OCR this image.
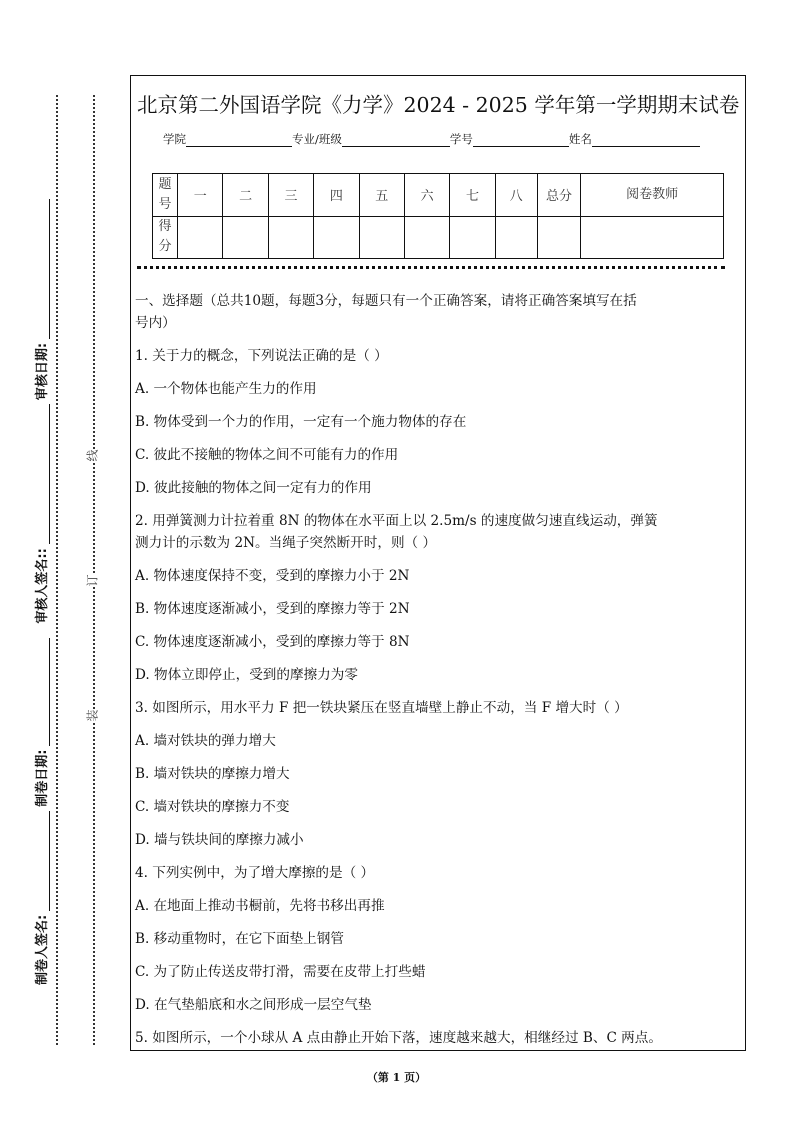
装
订
线
制卷人签名:
制卷日期:
审核人签名::
审核日期:
北京第二外国语学院《力学》2024 - 2025 学年第一学期期末试卷
学院	专业/班级	学号	姓名
题号	一	二	三	四	五	六	七	八	总分	阅卷教师
得分										

一、选择题（总共10题，每题3分，每题只有一个正确答案，请将正确答案填写在括
号内）

1. 关于力的概念，下列说法正确的是（ ）

A. 一个物体也能产生力的作用

B. 物体受到一个力的作用，一定有一个施力物体的存在

C. 彼此不接触的物体之间不可能有力的作用

D. 彼此接触的物体之间一定有力的作用

2. 用弹簧测力计拉着重 8N 的物体在水平面上以 2.5m/s 的速度做匀速直线运动，弹簧
测力计的示数为 2N。当绳子突然断开时，则（ ）

A. 物体速度保持不变，受到的摩擦力小于 2N

B. 物体速度逐渐减小，受到的摩擦力等于 2N

C. 物体速度逐渐减小，受到的摩擦力等于 8N

D. 物体立即停止，受到的摩擦力为零

3. 如图所示，用水平力 F 把一铁块紧压在竖直墙壁上静止不动，当 F 增大时（ ）

A. 墙对铁块的弹力增大

B. 墙对铁块的摩擦力增大

C. 墙对铁块的摩擦力不变

D. 墙与铁块间的摩擦力减小

4. 下列实例中，为了增大摩擦的是（ ）

A. 在地面上推动书橱前，先将书移出再推

B. 移动重物时，在它下面垫上钢管

C. 为了防止传送皮带打滑，需要在皮带上打些蜡

D. 在气垫船底和水之间形成一层空气垫

5. 如图所示，一个小球从 A 点由静止开始下落，速度越来越大，相继经过 B、C 两点。

（第 1 页）
